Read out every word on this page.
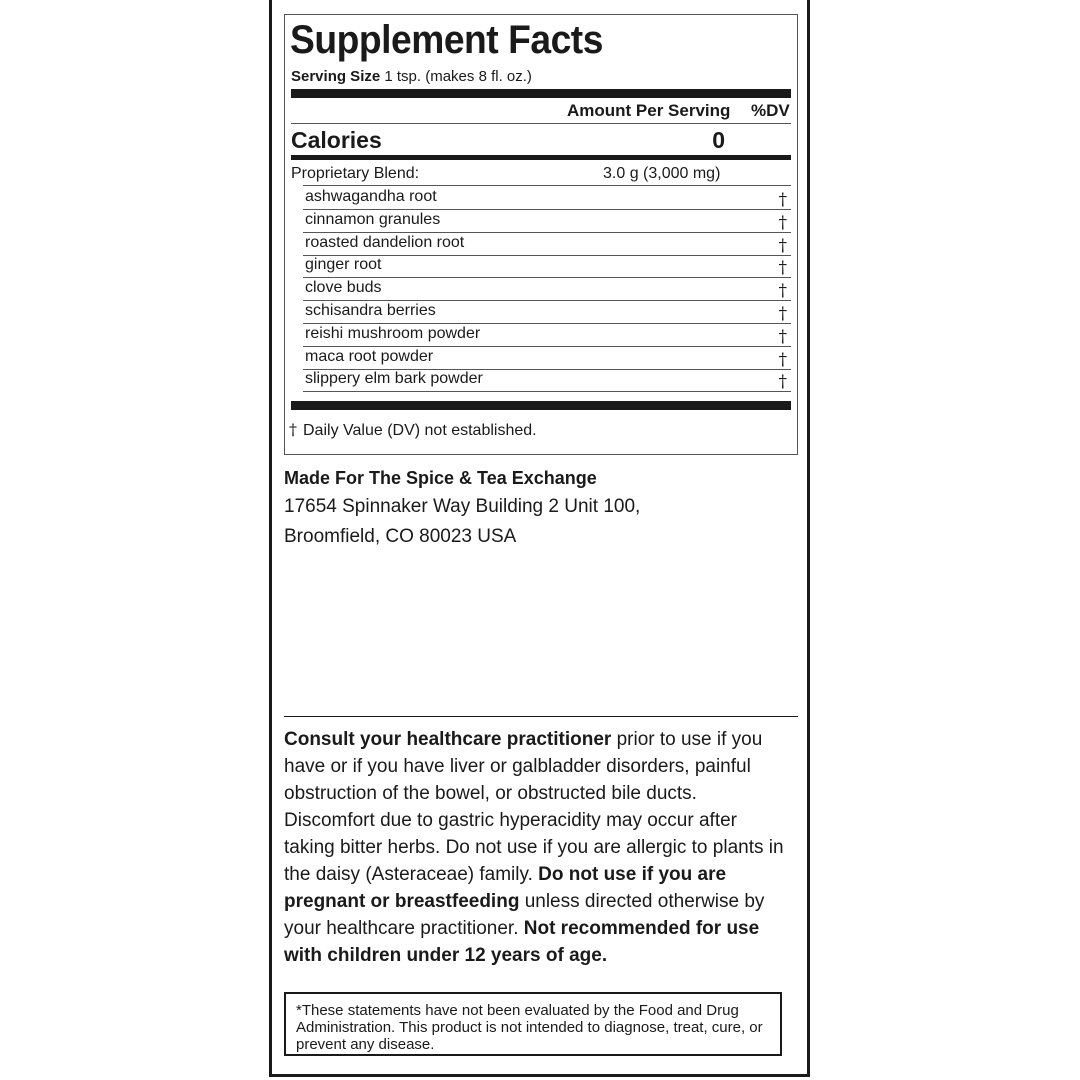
Supplement Facts
Serving Size 1 tsp. (makes 8 fl. oz.)
Amount Per Serving %DV
Calories	0
Proprietary Blend:	3.0 g (3,000 mg)
ashwagandha root	†
cinnamon granules	†
roasted dandelion root	†
ginger root	†
clove buds	†
schisandra berries	†
reishi mushroom powder	†
maca root powder	†
slippery elm bark powder	†
† Daily Value (DV) not established.
Made For The Spice & Tea Exchange
17654 Spinnaker Way Building 2 Unit 100,
Broomfield, CO 80023 USA
Consult your healthcare practitioner prior to use if you have or if you have liver or galbladder disorders, painful obstruction of the bowel, or obstructed bile ducts. Discomfort due to gastric hyperacidity may occur after taking bitter herbs. Do not use if you are allergic to plants in the daisy (Asteraceae) family. Do not use if you are pregnant or breastfeeding unless directed otherwise by your healthcare practitioner. Not recommended for use with children under 12 years of age.
*These statements have not been evaluated by the Food and Drug Administration. This product is not intended to diagnose, treat, cure, or prevent any disease.
